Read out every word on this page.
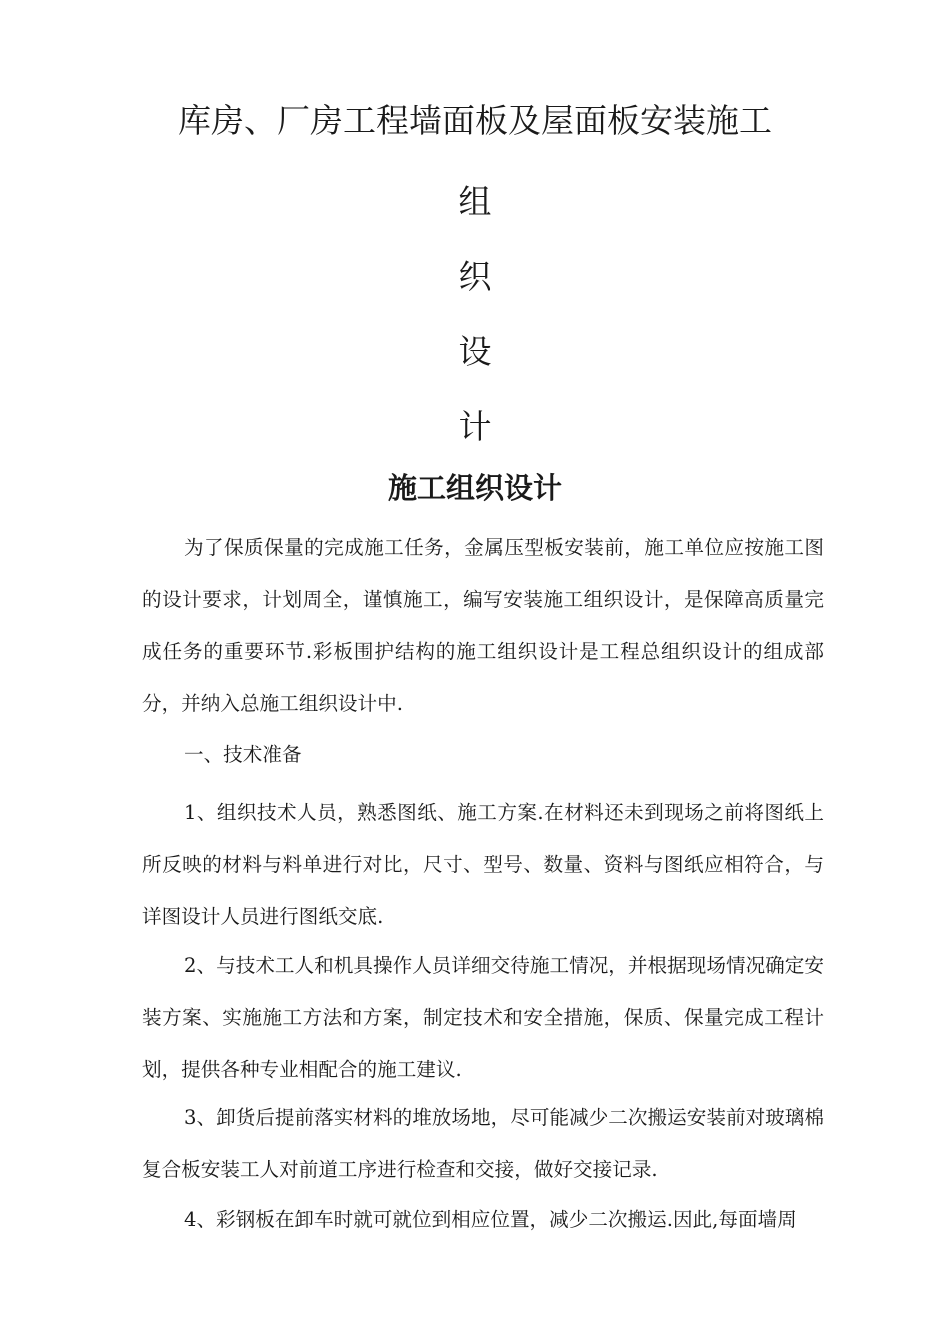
库房、厂房工程墙面板及屋面板安装施工
组
织
设
计
施工组织设计

为了保质保量的完成施工任务，金属压型板安装前，施工单位应按施工图的设计要求，计划周全，谨慎施工，编写安装施工组织设计，是保障高质量完成任务的重要环节.彩板围护结构的施工组织设计是工程总组织设计的组成部分，并纳入总施工组织设计中.

一、技术准备

1、组织技术人员，熟悉图纸、施工方案.在材料还未到现场之前将图纸上所反映的材料与料单进行对比，尺寸、型号、数量、资料与图纸应相符合，与详图设计人员进行图纸交底.

2、与技术工人和机具操作人员详细交待施工情况，并根据现场情况确定安装方案、实施施工方法和方案，制定技术和安全措施，保质、保量完成工程计划，提供各种专业相配合的施工建议.

3、卸货后提前落实材料的堆放场地，尽可能减少二次搬运安装前对玻璃棉复合板安装工人对前道工序进行检查和交接，做好交接记录.

4、彩钢板在卸车时就可就位到相应位置，减少二次搬运.因此,每面墙周
